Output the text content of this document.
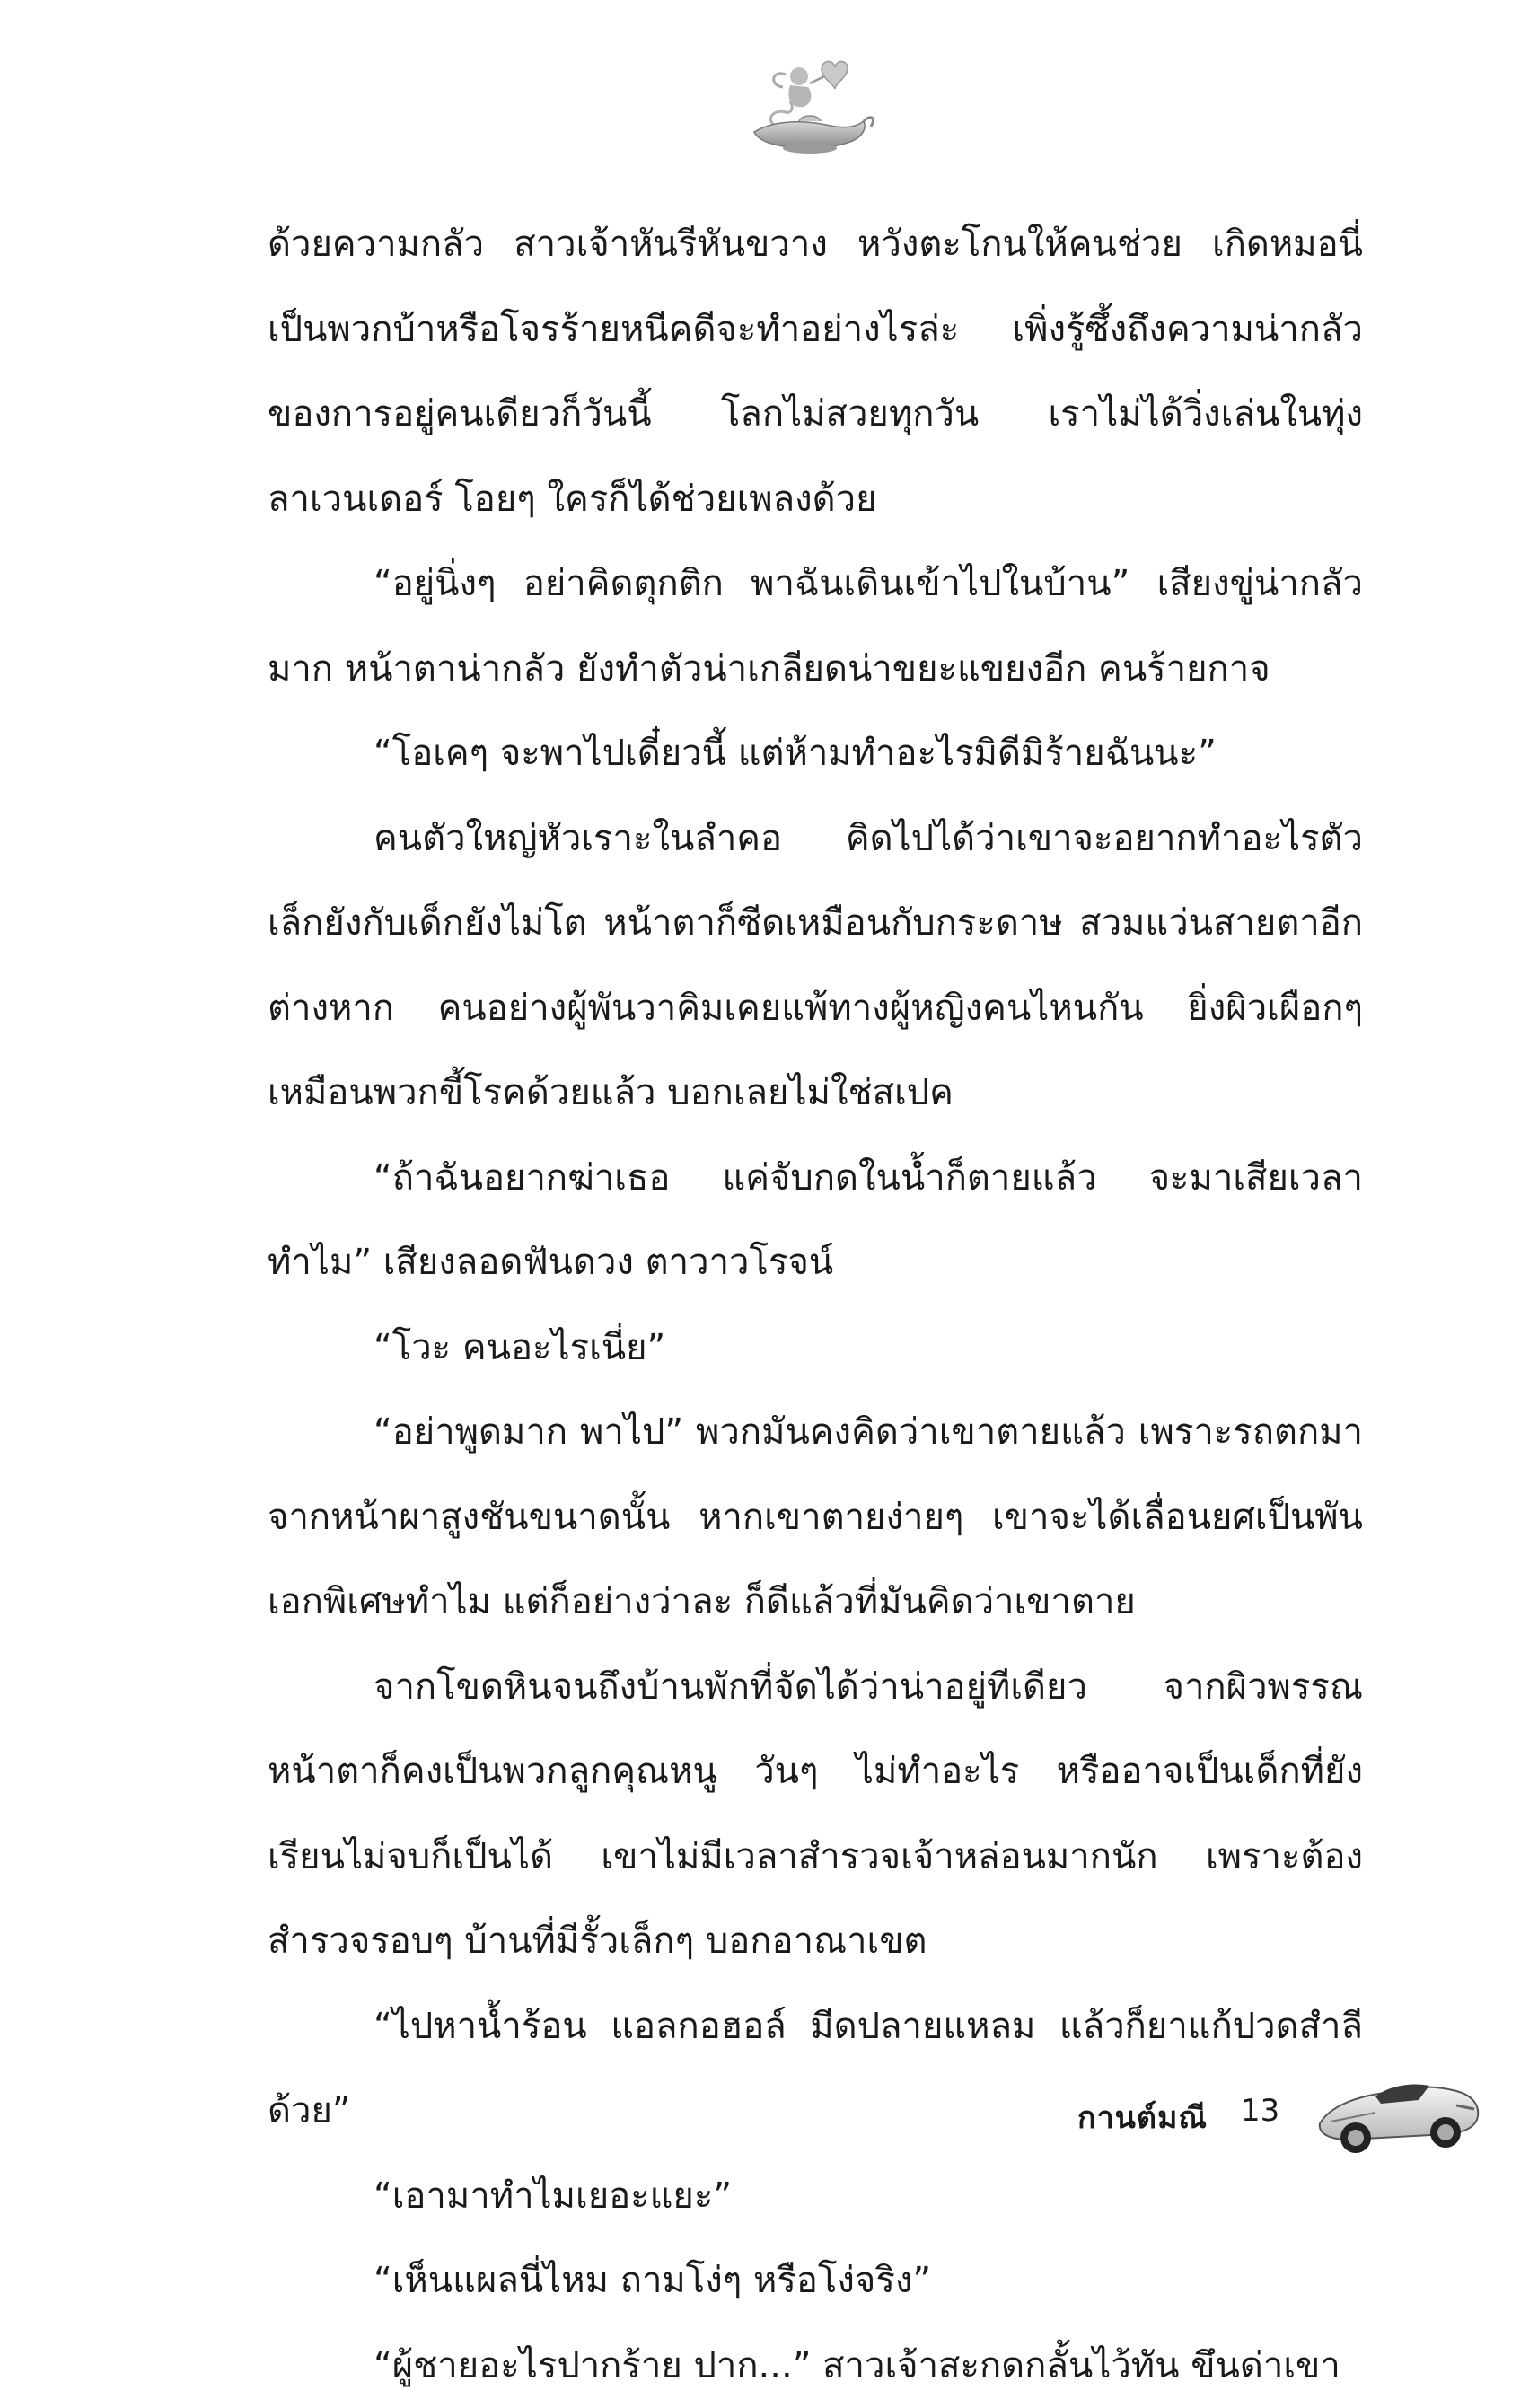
ด้วยความกลัว สาวเจ้าหันรีหันขวาง หวังตะโกนให้คนช่วย เกิดหมอนี่เป็นพวกบ้าหรือโจรร้ายหนีคดีจะทำอย่างไรล่ะ เพิ่งรู้ซึ้งถึงความน่ากลัวของการอยู่คนเดียวก็วันนี้ โลกไม่สวยทุกวัน เราไม่ได้วิ่งเล่นในทุ่งลาเวนเดอร์ โอยๆ ใครก็ได้ช่วยเพลงด้วย

“อยู่นิ่งๆ อย่าคิดตุกติก พาฉันเดินเข้าไปในบ้าน” เสียงขู่น่ากลัวมาก หน้าตาน่ากลัว ยังทำตัวน่าเกลียดน่าขยะแขยงอีก คนร้ายกาจ

“โอเคๆ จะพาไปเดี๋ยวนี้ แต่ห้ามทำอะไรมิดีมิร้ายฉันนะ”

คนตัวใหญ่หัวเราะในลำคอ คิดไปได้ว่าเขาจะอยากทำอะไรตัวเล็กยังกับเด็กยังไม่โต หน้าตาก็ซีดเหมือนกับกระดาษ สวมแว่นสายตาอีกต่างหาก คนอย่างผู้พันวาคิมเคยแพ้ทางผู้หญิงคนไหนกัน ยิ่งผิวเผือกๆ เหมือนพวกขี้โรคด้วยแล้ว บอกเลยไม่ใช่สเปค

“ถ้าฉันอยากฆ่าเธอ แค่จับกดในน้ำก็ตายแล้ว จะมาเสียเวลาทำไม” เสียงลอดฟันดวง ตาวาวโรจน์

“โวะ คนอะไรเนี่ย”

“อย่าพูดมาก พาไป” พวกมันคงคิดว่าเขาตายแล้ว เพราะรถตกมาจากหน้าผาสูงชันขนาดนั้น หากเขาตายง่ายๆ เขาจะได้เลื่อนยศเป็นพันเอกพิเศษทำไม แต่ก็อย่างว่าละ ก็ดีแล้วที่มันคิดว่าเขาตาย

จากโขดหินจนถึงบ้านพักที่จัดได้ว่าน่าอยู่ทีเดียว จากผิวพรรณหน้าตาก็คงเป็นพวกลูกคุณหนู วันๆ ไม่ทำอะไร หรืออาจเป็นเด็กที่ยังเรียนไม่จบก็เป็นได้ เขาไม่มีเวลาสำรวจเจ้าหล่อนมากนัก เพราะต้องสำรวจรอบๆ บ้านที่มีรั้วเล็กๆ บอกอาณาเขต

“ไปหาน้ำร้อน แอลกอฮอล์ มีดปลายแหลม แล้วก็ยาแก้ปวดสำลีด้วย”

“เอามาทำไมเยอะแยะ”

“เห็นแผลนี่ไหม ถามโง่ๆ หรือโง่จริง”

“ผู้ชายอะไรปากร้าย ปาก...” สาวเจ้าสะกดกลั้นไว้ทัน ขึนด่าเขา

กานต์มณี 13
